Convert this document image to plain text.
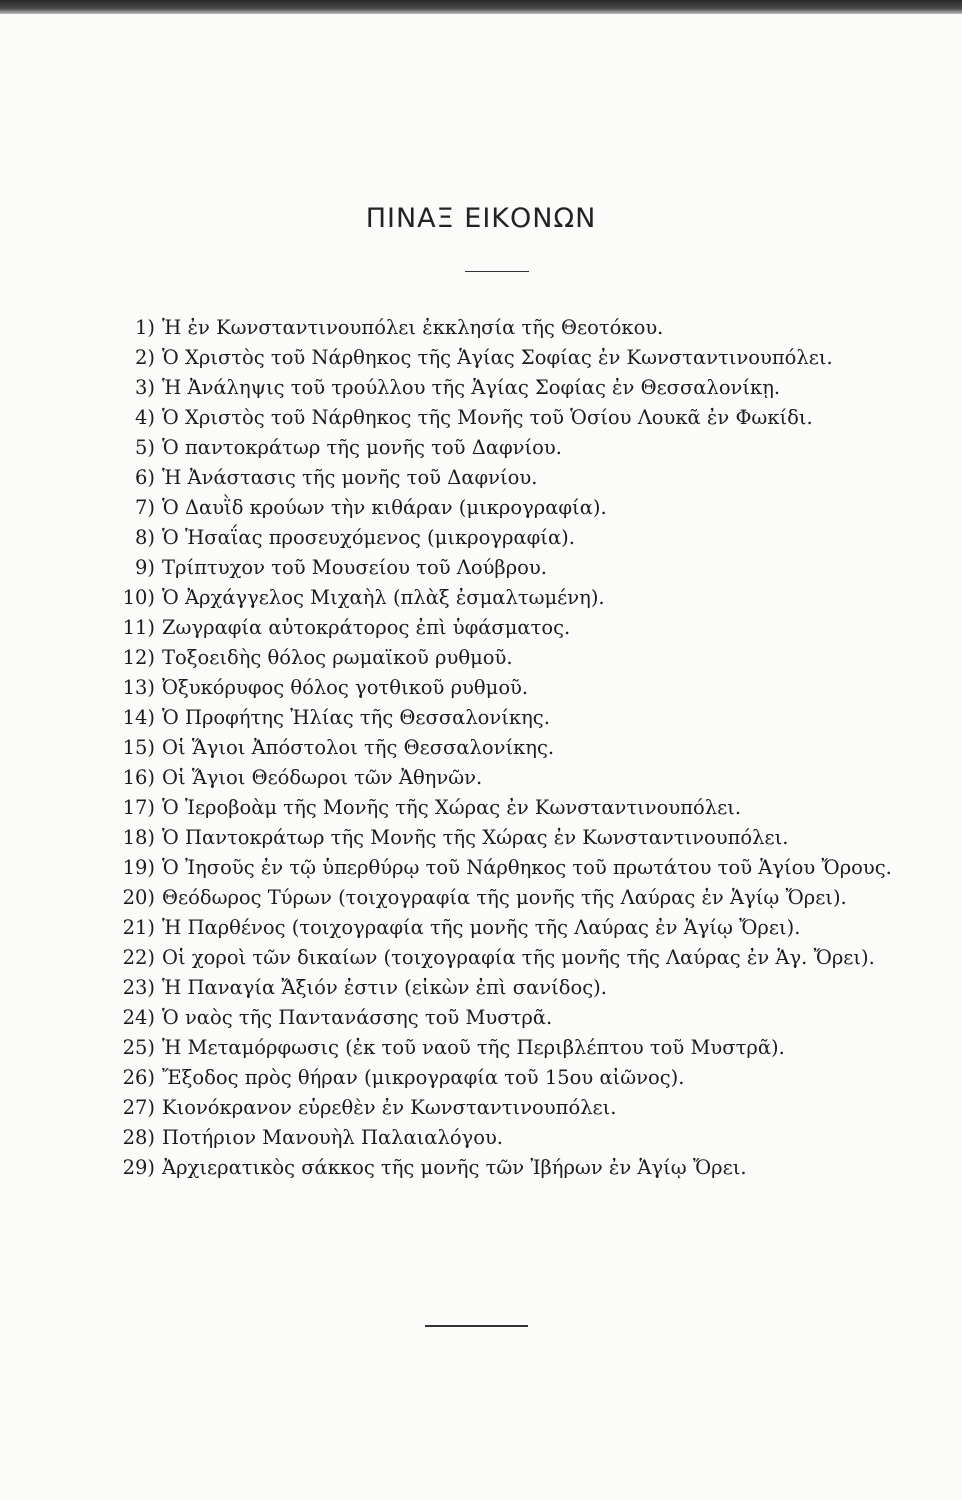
ΠΙΝΑΞ ΕΙΚΟΝΩΝ
1) Ἡ ἐν Κωνσταντινουπόλει ἐκκλησία τῆς Θεοτόκου.
2) Ὁ Χριστὸς τοῦ Νάρθηκος τῆς Ἁγίας Σοφίας ἐν Κωνσταντινουπόλει.
3) Ἡ Ἀνάληψις τοῦ τρούλλου τῆς Ἁγίας Σοφίας ἐν Θεσσαλονίκῃ.
4) Ὁ Χριστὸς τοῦ Νάρθηκος τῆς Μονῆς τοῦ Ὁσίου Λουκᾶ ἐν Φωκίδι.
5) Ὁ παντοκράτωρ τῆς μονῆς τοῦ Δαφνίου.
6) Ἡ Ἀνάστασις τῆς μονῆς τοῦ Δαφνίου.
7) Ὁ Δαυῒδ κρούων τὴν κιθάραν (μικρογραφία).
8) Ὁ Ἡσαΐας προσευχόμενος (μικρογραφία).
9) Τρίπτυχον τοῦ Μουσείου τοῦ Λούβρου.
10) Ὁ Ἀρχάγγελος Μιχαὴλ (πλὰξ ἐσμαλτωμένη).
11) Ζωγραφία αὐτοκράτορος ἐπὶ ὑφάσματος.
12) Τοξοειδὴς θόλος ρωμαϊκοῦ ρυθμοῦ.
13) Ὀξυκόρυφος θόλος γοτθικοῦ ρυθμοῦ.
14) Ὁ Προφήτης Ἠλίας τῆς Θεσσαλονίκης.
15) Οἱ Ἅγιοι Ἀπόστολοι τῆς Θεσσαλονίκης.
16) Οἱ Ἅγιοι Θεόδωροι τῶν Ἀθηνῶν.
17) Ὁ Ἱεροβοὰμ τῆς Μονῆς τῆς Χώρας ἐν Κωνσταντινουπόλει.
18) Ὁ Παντοκράτωρ τῆς Μονῆς τῆς Χώρας ἐν Κωνσταντινουπόλει.
19) Ὁ Ἰησοῦς ἐν τῷ ὑπερθύρῳ τοῦ Νάρθηκος τοῦ πρωτάτου τοῦ Ἁγίου Ὄρους.
20) Θεόδωρος Τύρων (τοιχογραφία τῆς μονῆς τῆς Λαύρας ἐν Ἁγίῳ Ὄρει).
21) Ἡ Παρθένος (τοιχογραφία τῆς μονῆς τῆς Λαύρας ἐν Ἁγίῳ Ὄρει).
22) Οἱ χοροὶ τῶν δικαίων (τοιχογραφία τῆς μονῆς τῆς Λαύρας ἐν Ἁγ. Ὄρει).
23) Ἡ Παναγία Ἄξιόν ἐστιν (εἰκὼν ἐπὶ σανίδος).
24) Ὁ ναὸς τῆς Παντανάσσης τοῦ Μυστρᾶ.
25) Ἡ Μεταμόρφωσις (ἐκ τοῦ ναοῦ τῆς Περιβλέπτου τοῦ Μυστρᾶ).
26) Ἔξοδος πρὸς θήραν (μικρογραφία τοῦ 15ου αἰῶνος).
27) Κιονόκρανον εὑρεθὲν ἐν Κωνσταντινουπόλει.
28) Ποτήριον Μανουὴλ Παλαιαλόγου.
29) Ἀρχιερατικὸς σάκκος τῆς μονῆς τῶν Ἰβήρων ἐν Ἁγίῳ Ὄρει.
